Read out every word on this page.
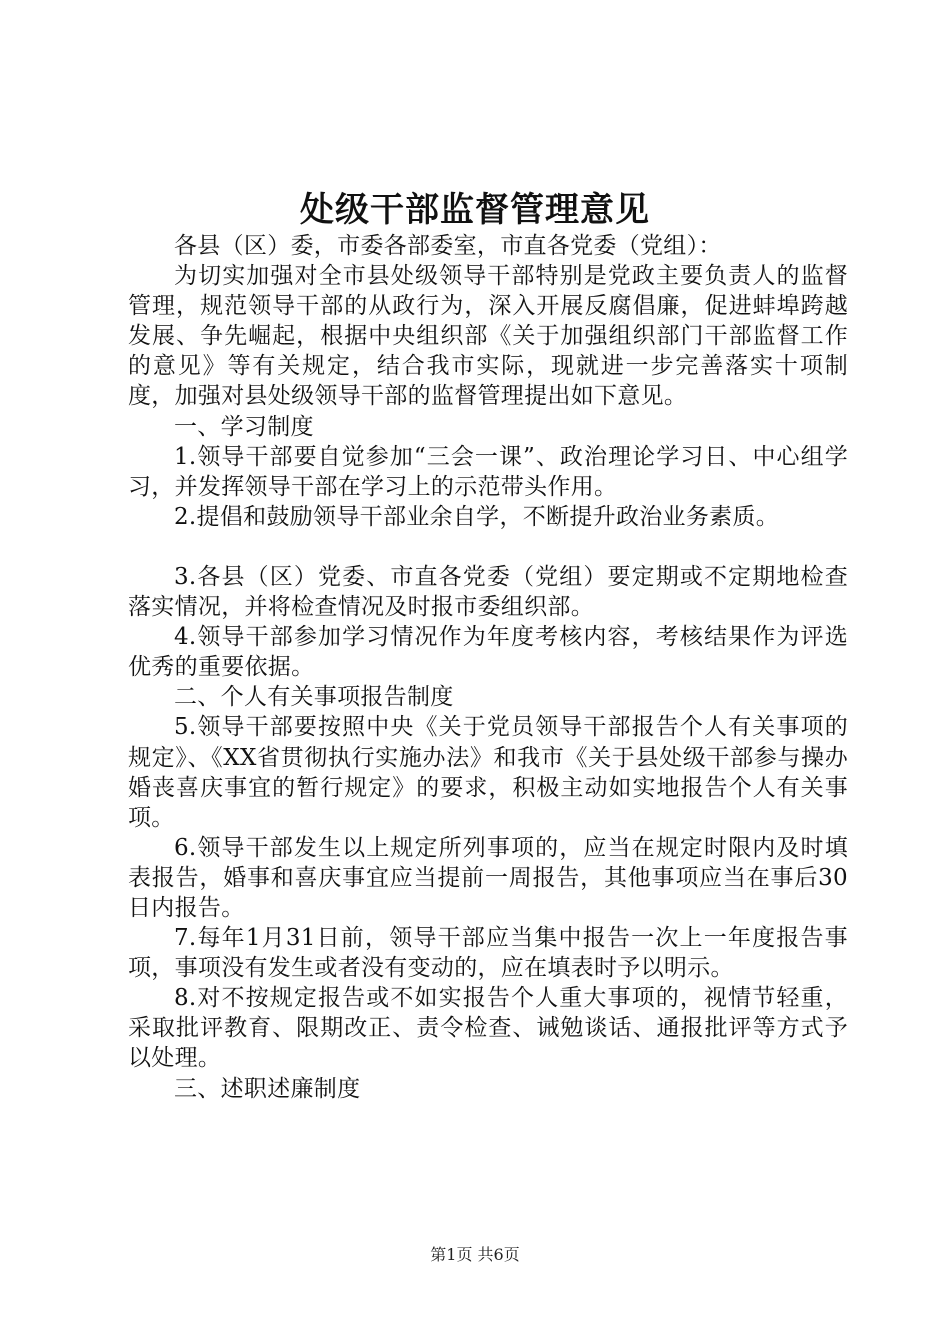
处级干部监督管理意见

各县（区）委，市委各部委室，市直各党委（党组）：

为切实加强对全市县处级领导干部特别是党政主要负责人的监督管理，规范领导干部的从政行为，深入开展反腐倡廉，促进蚌埠跨越发展、争先崛起，根据中央组织部《关于加强组织部门干部监督工作的意见》等有关规定，结合我市实际，现就进一步完善落实十项制度，加强对县处级领导干部的监督管理提出如下意见。

一、学习制度

1.领导干部要自觉参加“三会一课”、政治理论学习日、中心组学习，并发挥领导干部在学习上的示范带头作用。

2.提倡和鼓励领导干部业余自学，不断提升政治业务素质。

3.各县（区）党委、市直各党委（党组）要定期或不定期地检查落实情况，并将检查情况及时报市委组织部。

4.领导干部参加学习情况作为年度考核内容，考核结果作为评选优秀的重要依据。

二、个人有关事项报告制度

5.领导干部要按照中央《关于党员领导干部报告个人有关事项的规定》、《XX省贯彻执行实施办法》和我市《关于县处级干部参与操办婚丧喜庆事宜的暂行规定》的要求，积极主动如实地报告个人有关事项。

6.领导干部发生以上规定所列事项的，应当在规定时限内及时填表报告，婚事和喜庆事宜应当提前一周报告，其他事项应当在事后30日内报告。

7.每年1月31日前，领导干部应当集中报告一次上一年度报告事项，事项没有发生或者没有变动的，应在填表时予以明示。

8.对不按规定报告或不如实报告个人重大事项的，视情节轻重，采取批评教育、限期改正、责令检查、诫勉谈话、通报批评等方式予以处理。

三、述职述廉制度

第1页 共6页
